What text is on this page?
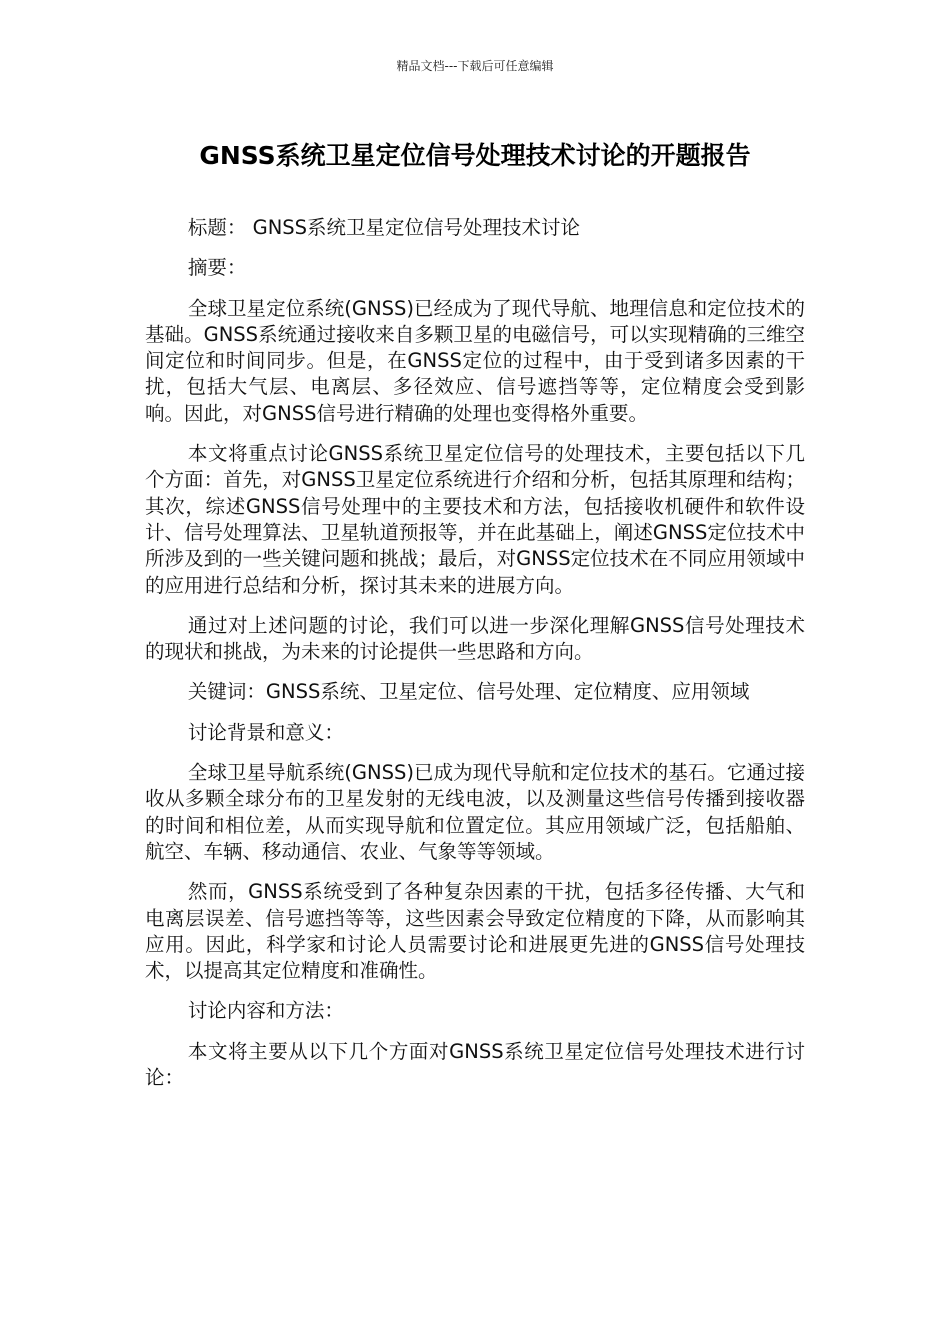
精品文档---下载后可任意编辑
GNSS系统卫星定位信号处理技术讨论的开题报告

标题： GNSS系统卫星定位信号处理技术讨论

摘要：

全球卫星定位系统(GNSS)已经成为了现代导航、地理信息和定位技术的基础。GNSS系统通过接收来自多颗卫星的电磁信号，可以实现精确的三维空间定位和时间同步。但是，在GNSS定位的过程中，由于受到诸多因素的干扰，包括大气层、电离层、多径效应、信号遮挡等等，定位精度会受到影响。因此，对GNSS信号进行精确的处理也变得格外重要。

本文将重点讨论GNSS系统卫星定位信号的处理技术，主要包括以下几个方面：首先，对GNSS卫星定位系统进行介绍和分析，包括其原理和结构；其次，综述GNSS信号处理中的主要技术和方法，包括接收机硬件和软件设计、信号处理算法、卫星轨道预报等，并在此基础上，阐述GNSS定位技术中所涉及到的一些关键问题和挑战；最后，对GNSS定位技术在不同应用领域中的应用进行总结和分析，探讨其未来的进展方向。

通过对上述问题的讨论，我们可以进一步深化理解GNSS信号处理技术的现状和挑战，为未来的讨论提供一些思路和方向。

关键词：GNSS系统、卫星定位、信号处理、定位精度、应用领域

讨论背景和意义：

全球卫星导航系统(GNSS)已成为现代导航和定位技术的基石。它通过接收从多颗全球分布的卫星发射的无线电波，以及测量这些信号传播到接收器的时间和相位差，从而实现导航和位置定位。其应用领域广泛，包括船舶、航空、车辆、移动通信、农业、气象等等领域。

然而，GNSS系统受到了各种复杂因素的干扰，包括多径传播、大气和电离层误差、信号遮挡等等，这些因素会导致定位精度的下降，从而影响其应用。因此，科学家和讨论人员需要讨论和进展更先进的GNSS信号处理技术，以提高其定位精度和准确性。

讨论内容和方法：

本文将主要从以下几个方面对GNSS系统卫星定位信号处理技术进行讨论：
